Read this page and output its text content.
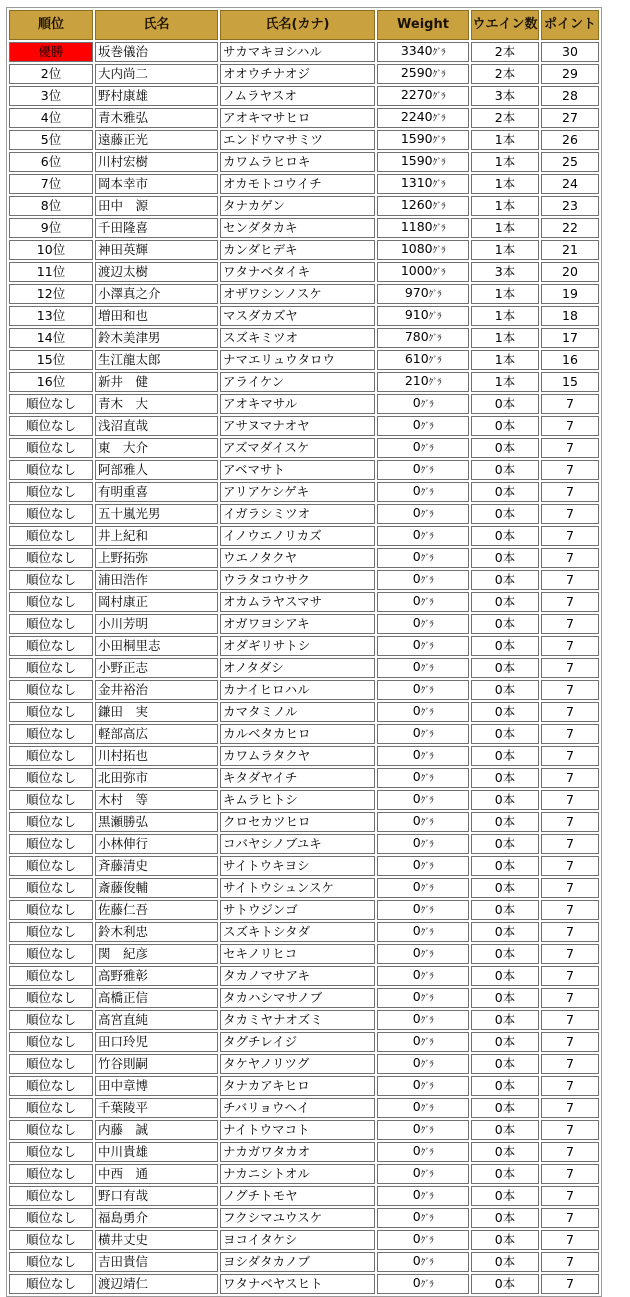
順位	氏名	氏名(カナ)	Weight	ウエイン数	ポイント
優勝	坂巻儀治	サカマキヨシハル	3340ｸﾞﾗ	2本	30
2位	大内尚二	オオウチナオジ	2590ｸﾞﾗ	2本	29
3位	野村康雄	ノムラヤスオ	2270ｸﾞﾗ	3本	28
4位	青木雅弘	アオキマサヒロ	2240ｸﾞﾗ	2本	27
5位	遠藤正光	エンドウマサミツ	1590ｸﾞﾗ	1本	26
6位	川村宏樹	カワムラヒロキ	1590ｸﾞﾗ	1本	25
7位	岡本幸市	オカモトコウイチ	1310ｸﾞﾗ	1本	24
8位	田中　源	タナカゲン	1260ｸﾞﾗ	1本	23
9位	千田隆喜	センダタカキ	1180ｸﾞﾗ	1本	22
10位	神田英輝	カンダヒデキ	1080ｸﾞﾗ	1本	21
11位	渡辺太樹	ワタナベタイキ	1000ｸﾞﾗ	3本	20
12位	小澤真之介	オザワシンノスケ	970ｸﾞﾗ	1本	19
13位	増田和也	マスダカズヤ	910ｸﾞﾗ	1本	18
14位	鈴木美津男	スズキミツオ	780ｸﾞﾗ	1本	17
15位	生江龍太郎	ナマエリュウタロウ	610ｸﾞﾗ	1本	16
16位	新井　健	アライケン	210ｸﾞﾗ	1本	15
順位なし	青木　大	アオキマサル	0ｸﾞﾗ	0本	7
順位なし	浅沼直哉	アサヌマナオヤ	0ｸﾞﾗ	0本	7
順位なし	東　大介	アズマダイスケ	0ｸﾞﾗ	0本	7
順位なし	阿部雅人	アベマサト	0ｸﾞﾗ	0本	7
順位なし	有明重喜	アリアケシゲキ	0ｸﾞﾗ	0本	7
順位なし	五十嵐光男	イガラシミツオ	0ｸﾞﾗ	0本	7
順位なし	井上紀和	イノウエノリカズ	0ｸﾞﾗ	0本	7
順位なし	上野拓弥	ウエノタクヤ	0ｸﾞﾗ	0本	7
順位なし	浦田浩作	ウラタコウサク	0ｸﾞﾗ	0本	7
順位なし	岡村康正	オカムラヤスマサ	0ｸﾞﾗ	0本	7
順位なし	小川芳明	オガワヨシアキ	0ｸﾞﾗ	0本	7
順位なし	小田桐里志	オダギリサトシ	0ｸﾞﾗ	0本	7
順位なし	小野正志	オノタダシ	0ｸﾞﾗ	0本	7
順位なし	金井裕治	カナイヒロハル	0ｸﾞﾗ	0本	7
順位なし	鎌田　実	カマタミノル	0ｸﾞﾗ	0本	7
順位なし	軽部高広	カルベタカヒロ	0ｸﾞﾗ	0本	7
順位なし	川村拓也	カワムラタクヤ	0ｸﾞﾗ	0本	7
順位なし	北田弥市	キタダヤイチ	0ｸﾞﾗ	0本	7
順位なし	木村　等	キムラヒトシ	0ｸﾞﾗ	0本	7
順位なし	黒瀬勝弘	クロセカツヒロ	0ｸﾞﾗ	0本	7
順位なし	小林伸行	コバヤシノブユキ	0ｸﾞﾗ	0本	7
順位なし	斉藤清史	サイトウキヨシ	0ｸﾞﾗ	0本	7
順位なし	斎藤俊輔	サイトウシュンスケ	0ｸﾞﾗ	0本	7
順位なし	佐藤仁吾	サトウジンゴ	0ｸﾞﾗ	0本	7
順位なし	鈴木利忠	スズキトシタダ	0ｸﾞﾗ	0本	7
順位なし	関　紀彦	セキノリヒコ	0ｸﾞﾗ	0本	7
順位なし	高野雅彰	タカノマサアキ	0ｸﾞﾗ	0本	7
順位なし	高橋正信	タカハシマサノブ	0ｸﾞﾗ	0本	7
順位なし	高宮直純	タカミヤナオズミ	0ｸﾞﾗ	0本	7
順位なし	田口玲児	タグチレイジ	0ｸﾞﾗ	0本	7
順位なし	竹谷則嗣	タケヤノリツグ	0ｸﾞﾗ	0本	7
順位なし	田中章博	タナカアキヒロ	0ｸﾞﾗ	0本	7
順位なし	千葉陵平	チバリョウヘイ	0ｸﾞﾗ	0本	7
順位なし	内藤　誠	ナイトウマコト	0ｸﾞﾗ	0本	7
順位なし	中川貴雄	ナカガワタカオ	0ｸﾞﾗ	0本	7
順位なし	中西　通	ナカニシトオル	0ｸﾞﾗ	0本	7
順位なし	野口有哉	ノグチトモヤ	0ｸﾞﾗ	0本	7
順位なし	福島勇介	フクシマユウスケ	0ｸﾞﾗ	0本	7
順位なし	横井丈史	ヨコイタケシ	0ｸﾞﾗ	0本	7
順位なし	吉田貴信	ヨシダタカノブ	0ｸﾞﾗ	0本	7
順位なし	渡辺靖仁	ワタナベヤスヒト	0ｸﾞﾗ	0本	7
